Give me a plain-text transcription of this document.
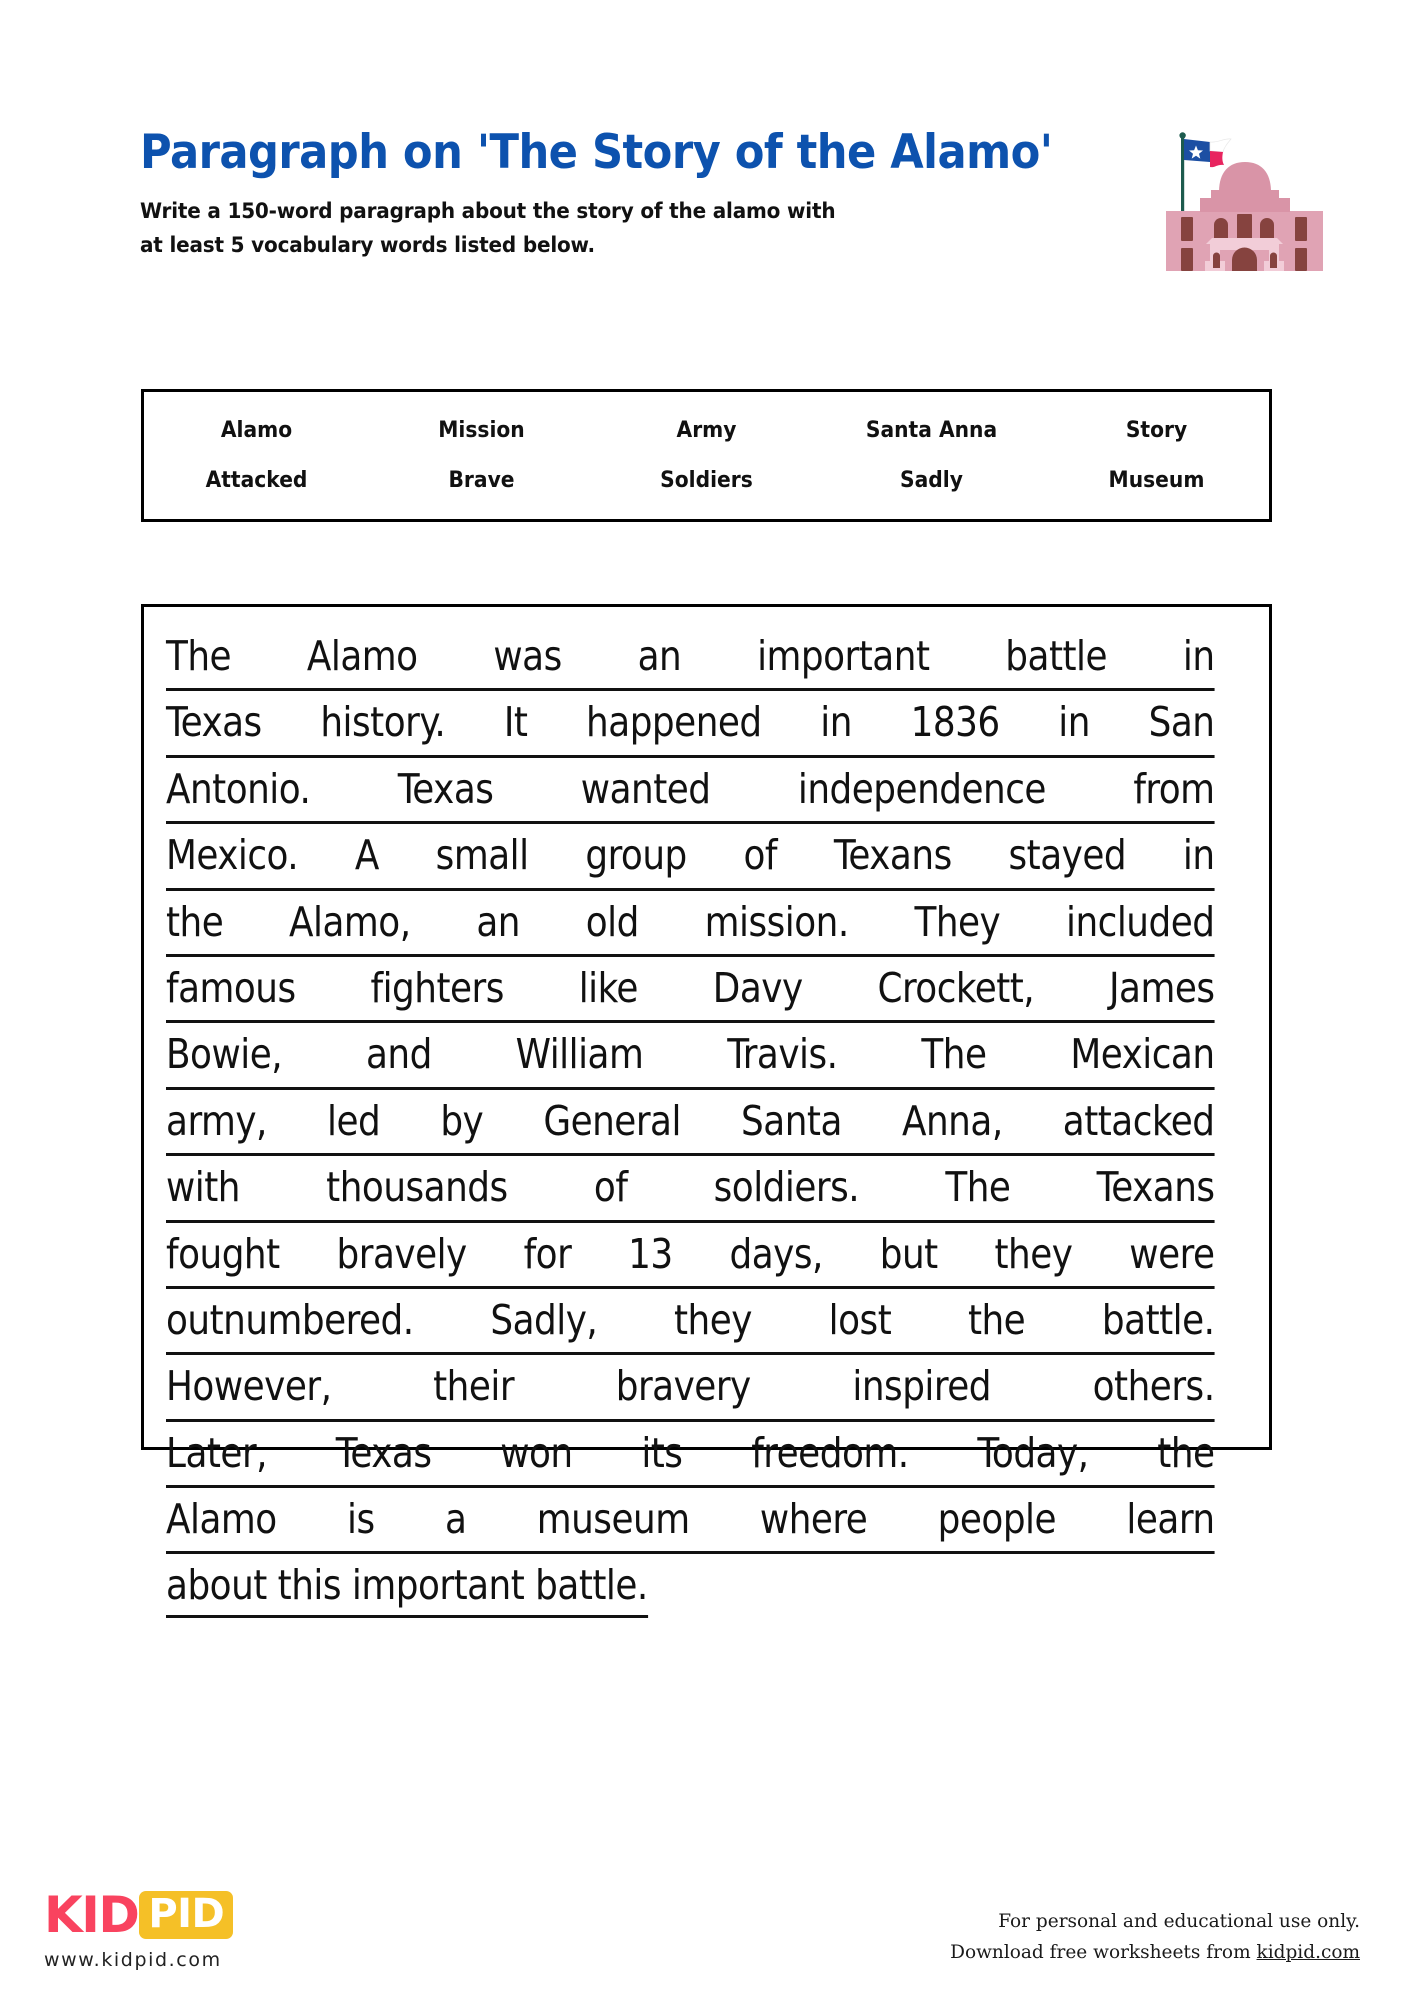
Paragraph on 'The Story of the Alamo'
Write a 150-word paragraph about the story of the alamo with
at least 5 vocabulary words listed below.
Alamo	Mission	Army	Santa Anna	Story
Attacked	Brave	Soldiers	Sadly	Museum
The Alamo was an important battle in
Texas history. It happened in 1836 in San
Antonio. Texas wanted independence from
Mexico. A small group of Texans stayed in
the Alamo, an old mission. They included
famous fighters like Davy Crockett, James
Bowie, and William Travis. The Mexican
army, led by General Santa Anna, attacked
with thousands of soldiers. The Texans
fought bravely for 13 days, but they were
outnumbered. Sadly, they lost the battle.
However, their bravery inspired others.
Later, Texas won its freedom. Today, the
Alamo is a museum where people learn
about this important battle.
KID PID
www.kidpid.com
For personal and educational use only.
Download free worksheets from kidpid.com
